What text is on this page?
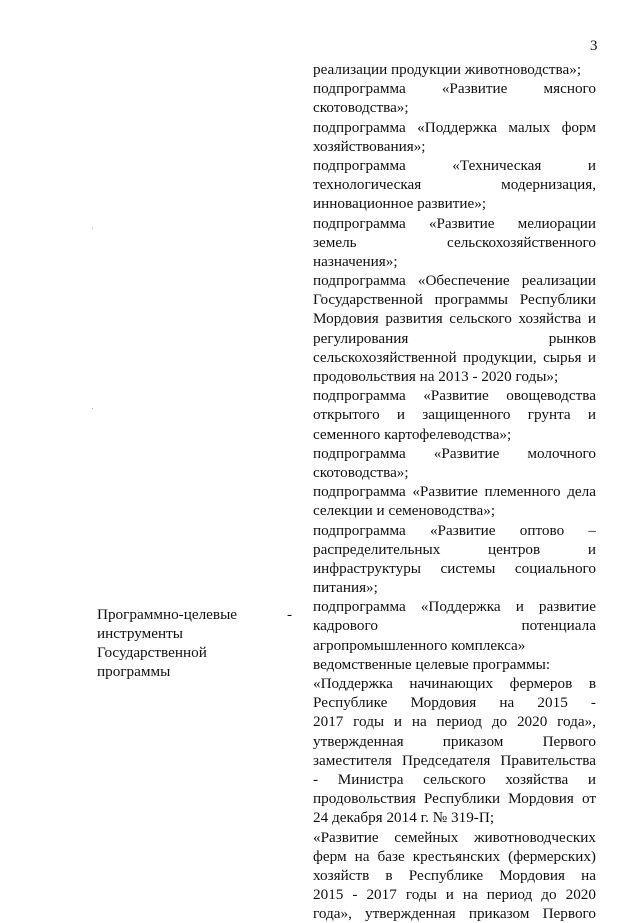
3
Программно-целевые
инструменты
Государственной
программы
-
реализации продукции животноводства»;
подпрограмма «Развитие мясного
скотоводства»;
подпрограмма «Поддержка малых форм
хозяйствования»;
подпрограмма «Техническая и
технологическая модернизация,
инновационное развитие»;
подпрограмма «Развитие мелиорации
земель сельскохозяйственного
назначения»;
подпрограмма «Обеспечение реализации
Государственной программы Республики
Мордовия развития сельского хозяйства и
регулирования рынков
сельскохозяйственной продукции, сырья и
продовольствия на 2013 - 2020 годы»;
подпрограмма «Развитие овощеводства
открытого и защищенного грунта и
семенного картофелеводства»;
подпрограмма «Развитие молочного
скотоводства»;
подпрограмма «Развитие племенного дела
селекции и семеноводства»;
подпрограмма «Развитие оптово –
распределительных центров и
инфраструктуры системы социального
питания»;
подпрограмма «Поддержка и развитие
кадрового потенциала
агропромышленного комплекса»
ведомственные целевые программы:
«Поддержка начинающих фермеров в
Республике Мордовия на 2015 -
2017 годы и на период до 2020 года»,
утвержденная приказом Первого
заместителя Председателя Правительства
- Министра сельского хозяйства и
продовольствия Республики Мордовия от
24 декабря 2014 г. № 319-П;
«Развитие семейных животноводческих
ферм на базе крестьянских (фермерских)
хозяйств в Республике Мордовия на
2015 - 2017 годы и на период до 2020
года», утвержденная приказом Первого
